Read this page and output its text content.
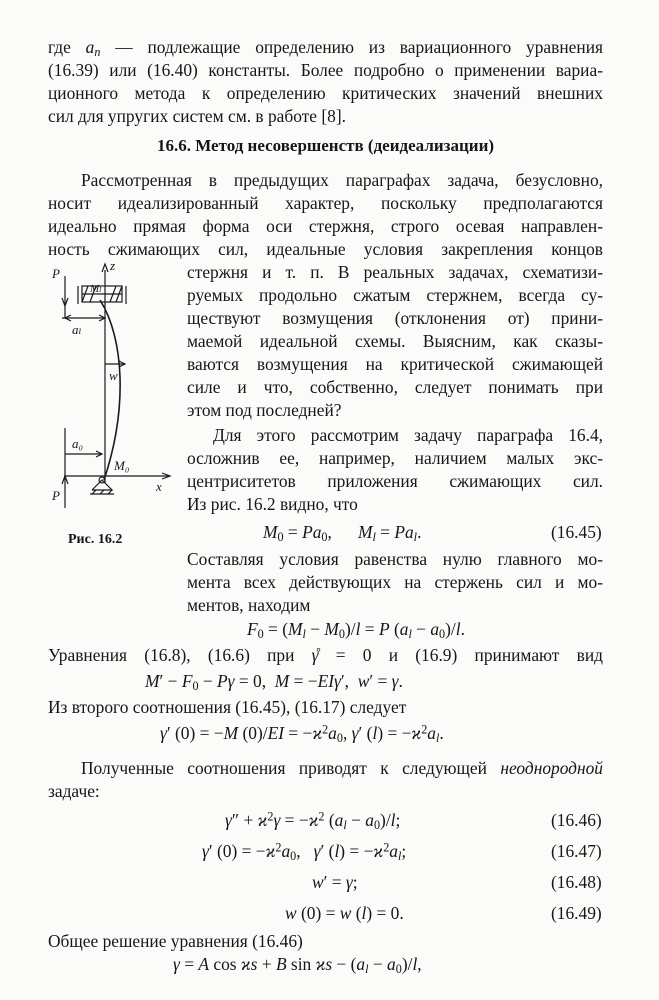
где $a_n$ — подлежащие определению из вариационного уравнения
(16.39) или (16.40) константы. Более подробно о применении вариа-
ционного метода к определению критических значений внешних
сил для упругих систем см. в работе [8].
16.6. Метод несовершенств (деидеализации)
Рассмотренная в предыдущих параграфах задача, безусловно,
носит идеализированный характер, поскольку предполагаются
идеально прямая форма оси стержня, строго осевая направлен-
ность сжимающих сил, идеальные условия закрепления концов
стержня и т. п. В реальных задачах, схематизи-
руемых продольно сжатым стержнем, всегда су-
ществуют возмущения (отклонения от) прини-
маемой идеальной схемы. Выясним, как сказы-
ваются возмущения на критической сжимающей
силе и что, собственно, следует понимать при
этом под последней?
Для этого рассмотрим задачу параграфа 16.4,
осложнив ее, например, наличием малых экс-
центриситетов приложения сжимающих сил.
Из рис. 16.2 видно, что
$M_0 = Pa_0$,      $M_l = Pa_l$.	(16.45)
Составляя условия равенства нулю главного мо-
мента всех действующих на стержень сил и мо-
ментов, находим
$F_0 = (M_l - M_0)/l = P$ $(a_l - a_0)/l$.
Уравнения (16.8), (16.6) при γ̊ = 0 и (16.9) принимают вид
$M' - F_0 - P\gamma = 0$,  M = −EIγ′,  w′ = γ.
Из второго соотношения (16.45), (16.17) следует
γ′ (0) = −M $(0)/EI = -ϰ^2a_0$, γ′ $(l) = -ϰ^2a_l$.
Полученные соотношения приводят к следующей неоднородной
задаче:
$\gamma'' + ϰ^2\gamma = -ϰ^2$ $(a_l - a_0)/l$;	(16.46)
γ′ $(0) = -ϰ^2a_0$,   γ′ $(l) = -ϰ^2a_l$;	(16.47)
w′ = γ;	(16.48)
w (0) = w (l) = 0.	(16.49)
Общее решение уравнения (16.46)
γ = A cos ϰs + B $\sin ϰs - (a_l - a_0)/l$,
P
z
Mₗ
aₗ
w
a₀
M₀
P
x
Рис. 16.2
